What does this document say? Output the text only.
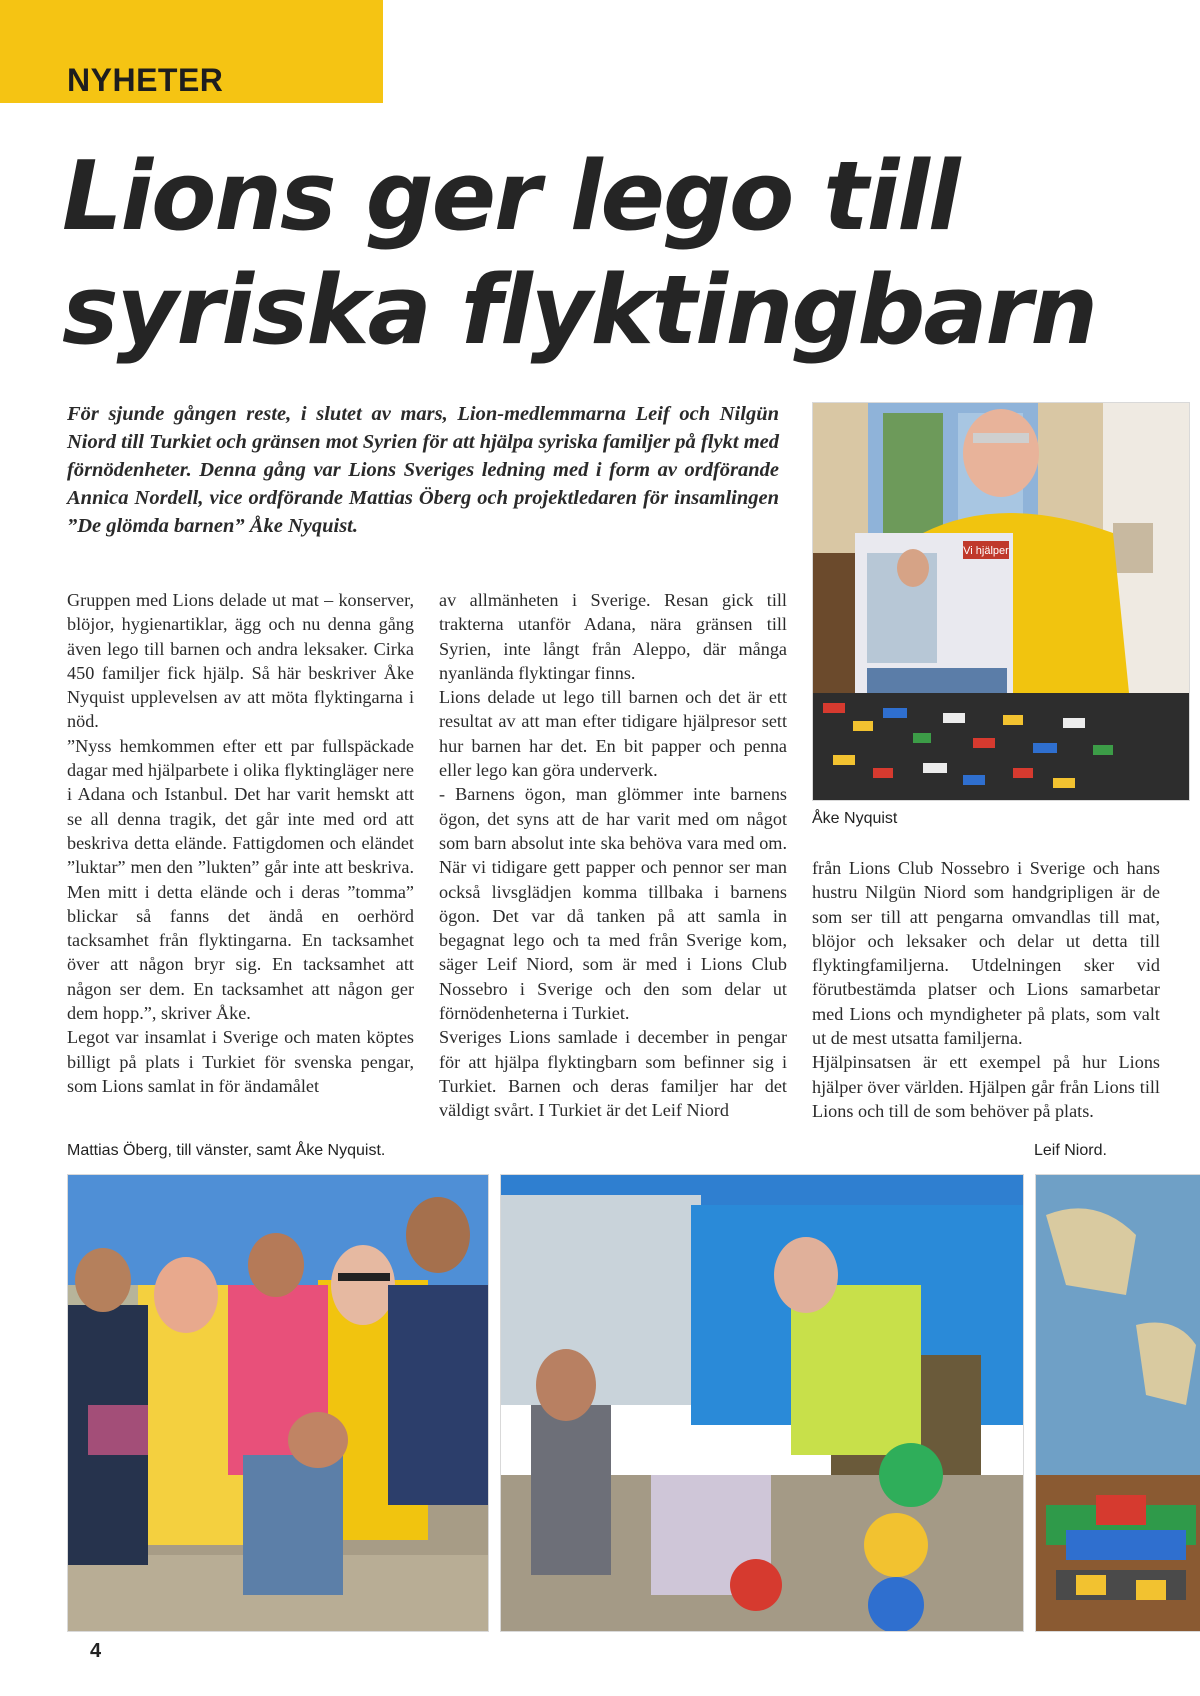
NYHETER

Lions ger lego till
syriska flyktingbarn

För sjunde gången reste, i slutet av mars, Lion-medlemmarna Leif och Nilgün Niord till Turkiet och gränsen mot Syrien för att hjälpa syriska familjer på flykt med förnödenheter. Denna gång var Lions Sveriges ledning med i form av ordförande Annica Nordell, vice ordförande Mattias Öberg och projektledaren för insamlingen ”De glömda barnen” Åke Nyquist.

Vi hjälper

Åke Nyquist

Gruppen med Lions delade ut mat – konserver, blöjor, hygienartiklar, ägg och nu denna gång även lego till barnen och andra leksaker. Cirka 450 familjer fick hjälp. Så här beskriver Åke Nyquist upplevelsen av att möta flyktingarna i nöd.

”Nyss hemkommen efter ett par fullspäckade dagar med hjälparbete i olika flyktingläger nere i Adana och Istanbul. Det har varit hemskt att se all denna tragik, det går inte med ord att beskriva detta elände. Fattigdomen och eländet ”luktar” men den ”lukten” går inte att beskriva. Men mitt i detta elände och i deras ”tomma” blickar så fanns det ändå en oerhörd tacksamhet från flyktingarna. En tacksamhet över att någon bryr sig. En tacksamhet att någon ser dem. En tacksamhet att någon ger dem hopp.”, skriver Åke.

Legot var insamlat i Sverige och maten köptes billigt på plats i Turkiet för svenska pengar, som Lions samlat in för ändamålet

av allmänheten i Sverige. Resan gick till trakterna utanför Adana, nära gränsen till Syrien, inte långt från Aleppo, där många nyanlända flyktingar finns.

Lions delade ut lego till barnen och det är ett resultat av att man efter tidigare hjälpresor sett hur barnen har det. En bit papper och penna eller lego kan göra underverk.

- Barnens ögon, man glömmer inte barnens ögon, det syns att de har varit med om något som barn absolut inte ska behöva vara med om. När vi tidigare gett papper och pennor ser man också livsglädjen komma tillbaka i barnens ögon. Det var då tanken på att samla in begagnat lego och ta med från Sverige kom, säger Leif Niord, som är med i Lions Club Nossebro i Sverige och den som delar ut förnödenheterna i Turkiet.

Sveriges Lions samlade i december in pengar för att hjälpa flyktingbarn som befinner sig i Turkiet. Barnen och deras familjer har det väldigt svårt. I Turkiet är det Leif Niord

från Lions Club Nossebro i Sverige och hans hustru Nilgün Niord som handgripligen är de som ser till att pengarna omvandlas till mat, blöjor och leksaker och delar ut detta till flyktingfamiljerna. Utdelningen sker vid förutbestämda platser och Lions samarbetar med Lions och myndigheter på plats, som valt ut de mest utsatta familjerna.

Hjälpinsatsen är ett exempel på hur Lions hjälper över världen. Hjälpen går från Lions till Lions och till de som behöver på plats.

Mattias Öberg, till vänster, samt Åke Nyquist.	Leif Niord.

4
